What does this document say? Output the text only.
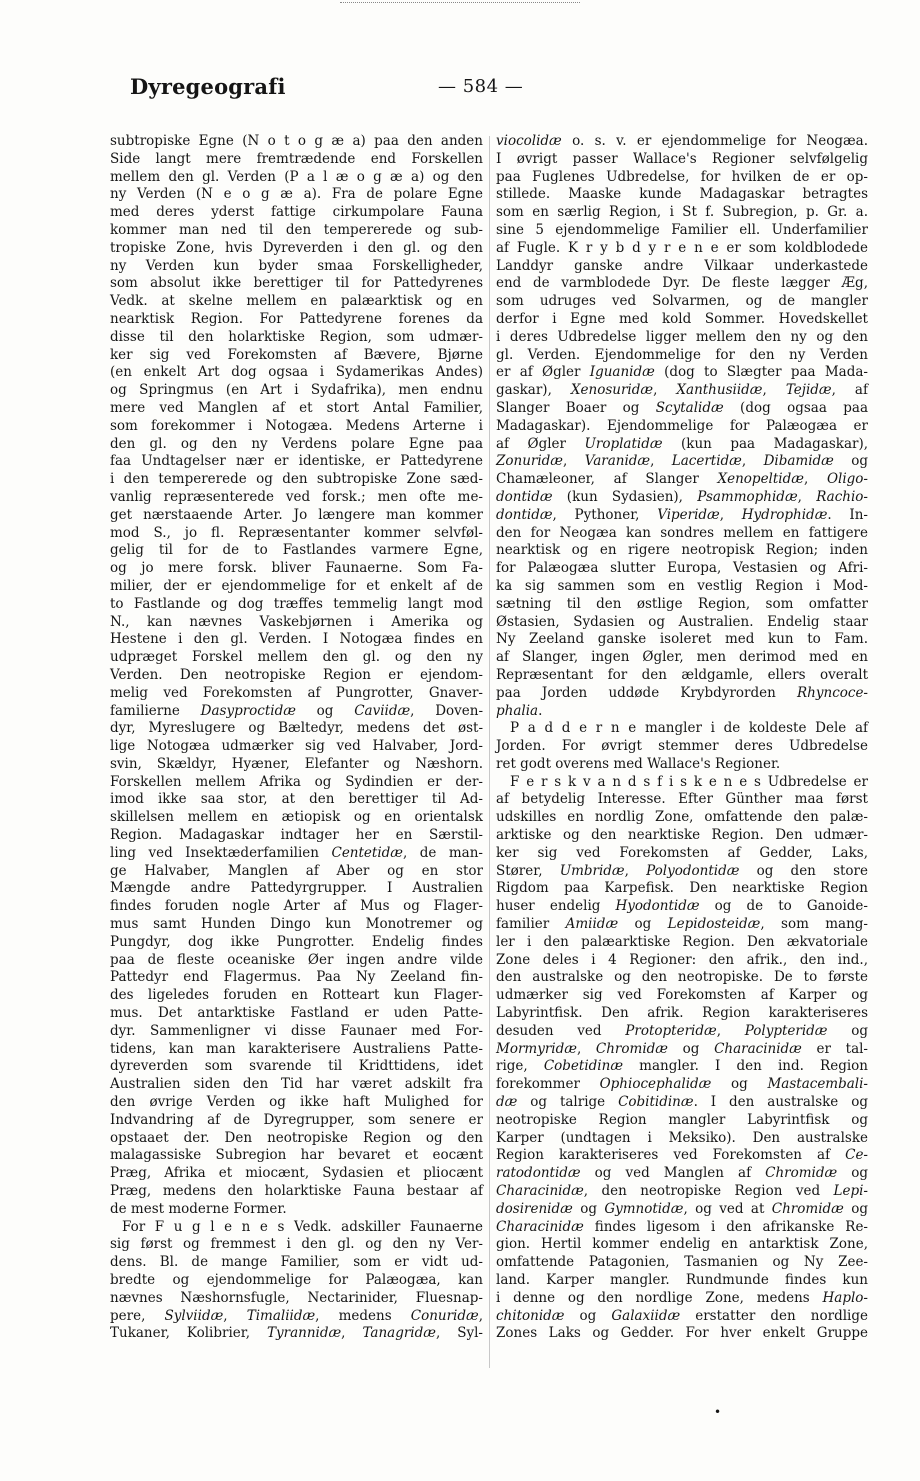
Dyregeografi	— 584 —
subtropiske Egne (N o t o g æ a) paa den anden
Side langt mere fremtrædende end Forskellen
mellem den gl. Verden (P a l æ o g æ a) og den
ny Verden (N e o g æ a). Fra de polare Egne
med deres yderst fattige cirkumpolare Fauna
kommer man ned til den tempererede og sub-
tropiske Zone, hvis Dyreverden i den gl. og den
ny Verden kun byder smaa Forskelligheder,
som absolut ikke berettiger til for Pattedyrenes
Vedk. at skelne mellem en palæarktisk og en
nearktisk Region. For Pattedyrene forenes da
disse til den holarktiske Region, som udmær-
ker sig ved Forekomsten af Bævere, Bjørne
(en enkelt Art dog ogsaa i Sydamerikas Andes)
og Springmus (en Art i Sydafrika), men endnu
mere ved Manglen af et stort Antal Familier,
som forekommer i Notogæa. Medens Arterne i
den gl. og den ny Verdens polare Egne paa
faa Undtagelser nær er identiske, er Pattedyrene
i den tempererede og den subtropiske Zone sæd-
vanlig repræsenterede ved forsk.; men ofte me-
get nærstaaende Arter. Jo længere man kommer
mod S., jo fl. Repræsentanter kommer selvføl-
gelig til for de to Fastlandes varmere Egne,
og jo mere forsk. bliver Faunaerne. Som Fa-
milier, der er ejendommelige for et enkelt af de
to Fastlande og dog træffes temmelig langt mod
N., kan nævnes Vaskebjørnen i Amerika og
Hestene i den gl. Verden. I Notogæa findes en
udpræget Forskel mellem den gl. og den ny
Verden. Den neotropiske Region er ejendom-
melig ved Forekomsten af Pungrotter, Gnaver-
familierne Dasyproctidæ og Caviidæ, Doven-
dyr, Myreslugere og Bæltedyr, medens det øst-
lige Notogæa udmærker sig ved Halvaber, Jord-
svin, Skældyr, Hyæner, Elefanter og Næshorn.
Forskellen mellem Afrika og Sydindien er der-
imod ikke saa stor, at den berettiger til Ad-
skillelsen mellem en ætiopisk og en orientalsk
Region. Madagaskar indtager her en Særstil-
ling ved Insektæderfamilien Centetidæ, de man-
ge Halvaber, Manglen af Aber og en stor
Mængde andre Pattedyrgrupper. I Australien
findes foruden nogle Arter af Mus og Flager-
mus samt Hunden Dingo kun Monotremer og
Pungdyr, dog ikke Pungrotter. Endelig findes
paa de fleste oceaniske Øer ingen andre vilde
Pattedyr end Flagermus. Paa Ny Zeeland fin-
des ligeledes foruden en Rotteart kun Flager-
mus. Det antarktiske Fastland er uden Patte-
dyr. Sammenligner vi disse Faunaer med For-
tidens, kan man karakterisere Australiens Patte-
dyreverden som svarende til Kridttidens, idet
Australien siden den Tid har været adskilt fra
den øvrige Verden og ikke haft Mulighed for
Indvandring af de Dyregrupper, som senere er
opstaaet der. Den neotropiske Region og den
malagassiske Subregion har bevaret et eocænt
Præg, Afrika et miocænt, Sydasien et pliocænt
Præg, medens den holarktiske Fauna bestaar af
de mest moderne Former.
For F u g l e n e s Vedk. adskiller Faunaerne
sig først og fremmest i den gl. og den ny Ver-
dens. Bl. de mange Familier, som er vidt ud-
bredte og ejendommelige for Palæogæa, kan
nævnes Næshornsfugle, Nectarinider, Fluesnap-
pere, Sylviidæ, Timaliidæ, medens Conuridæ,
Tukaner, Kolibrier, Tyrannidæ, Tanagridæ, Syl-
viocolidæ o. s. v. er ejendommelige for Neogæa.
I øvrigt passer Wallace's Regioner selvfølgelig
paa Fuglenes Udbredelse, for hvilken de er op-
stillede. Maaske kunde Madagaskar betragtes
som en særlig Region, i St f. Subregion, p. Gr. a.
sine 5 ejendommelige Familier ell. Underfamilier
af Fugle. K r y b d y r e n e er som koldblodede
Landdyr ganske andre Vilkaar underkastede
end de varmblodede Dyr. De fleste lægger Æg,
som udruges ved Solvarmen, og de mangler
derfor i Egne med kold Sommer. Hovedskellet
i deres Udbredelse ligger mellem den ny og den
gl. Verden. Ejendommelige for den ny Verden
er af Øgler Iguanidæ (dog to Slægter paa Mada-
gaskar), Xenosuridæ, Xanthusiidæ, Tejidæ, af
Slanger Boaer og Scytalidæ (dog ogsaa paa
Madagaskar). Ejendommelige for Palæogæa er
af Øgler Uroplatidæ (kun paa Madagaskar),
Zonuridæ, Varanidæ, Lacertidæ, Dibamidæ og
Chamæleoner, af Slanger Xenopeltidæ, Oligo-
dontidæ (kun Sydasien), Psammophidæ, Rachio-
dontidæ, Pythoner, Viperidæ, Hydrophidæ. In-
den for Neogæa kan sondres mellem en fattigere
nearktisk og en rigere neotropisk Region; inden
for Palæogæa slutter Europa, Vestasien og Afri-
ka sig sammen som en vestlig Region i Mod-
sætning til den østlige Region, som omfatter
Østasien, Sydasien og Australien. Endelig staar
Ny Zeeland ganske isoleret med kun to Fam.
af Slanger, ingen Øgler, men derimod med en
Repræsentant for den ældgamle, ellers overalt
paa Jorden uddøde Krybdyrorden Rhyncoce-
phalia.
P a d d e r n e mangler i de koldeste Dele af
Jorden. For øvrigt stemmer deres Udbredelse
ret godt overens med Wallace's Regioner.
F e r s k v a n d s f i s k e n e s Udbredelse er
af betydelig Interesse. Efter Günther maa først
udskilles en nordlig Zone, omfattende den palæ-
arktiske og den nearktiske Region. Den udmær-
ker sig ved Forekomsten af Gedder, Laks,
Stører, Umbridæ, Polyodontidæ og den store
Rigdom paa Karpefisk. Den nearktiske Region
huser endelig Hyodontidæ og de to Ganoide-
familier Amiidæ og Lepidosteidæ, som mang-
ler i den palæarktiske Region. Den ækvatoriale
Zone deles i 4 Regioner: den afrik., den ind.,
den australske og den neotropiske. De to første
udmærker sig ved Forekomsten af Karper og
Labyrintfisk. Den afrik. Region karakteriseres
desuden ved Protopteridæ, Polypteridæ og
Mormyridæ, Chromidæ og Characinidæ er tal-
rige, Cobetidinæ mangler. I den ind. Region
forekommer Ophiocephalidæ og Mastacembali-
dæ og talrige Cobitidinæ. I den australske og
neotropiske Region mangler Labyrintfisk og
Karper (undtagen i Meksiko). Den australske
Region karakteriseres ved Forekomsten af Ce-
ratodontidæ og ved Manglen af Chromidæ og
Characinidæ, den neotropiske Region ved Lepi-
dosirenidæ og Gymnotidæ, og ved at Chromidæ og
Characinidæ findes ligesom i den afrikanske Re-
gion. Hertil kommer endelig en antarktisk Zone,
omfattende Patagonien, Tasmanien og Ny Zee-
land. Karper mangler. Rundmunde findes kun
i denne og den nordlige Zone, medens Haplo-
chitonidæ og Galaxiidæ erstatter den nordlige
Zones Laks og Gedder. For hver enkelt Gruppe
•
